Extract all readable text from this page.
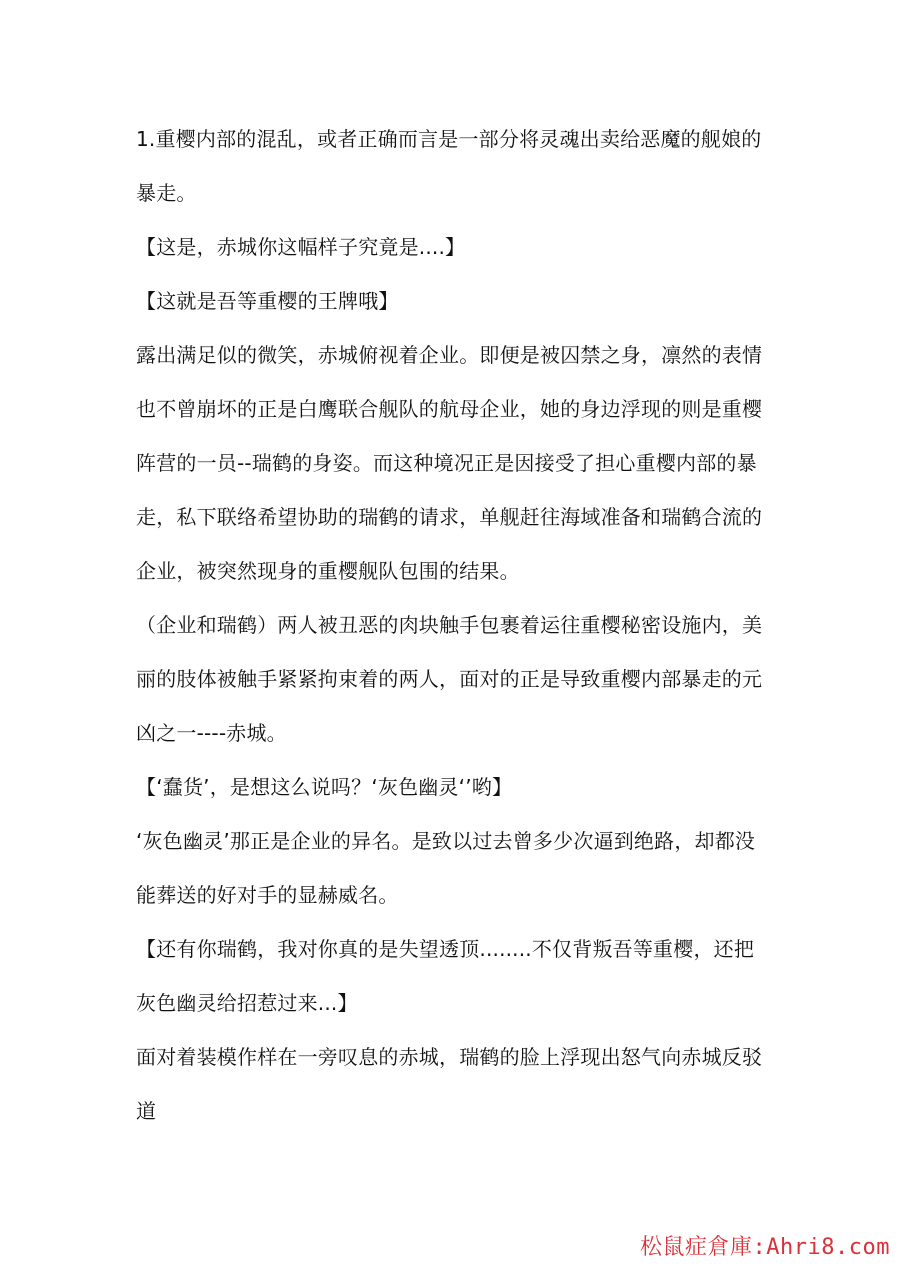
1.重樱内部的混乱，或者正确而言是一部分将灵魂出卖给恶魔的舰娘的暴走。

【这是，赤城你这幅样子究竟是....】

【这就是吾等重樱的王牌哦】

露出满足似的微笑，赤城俯视着企业。即便是被囚禁之身，凛然的表情也不曾崩坏的正是白鹰联合舰队的航母企业，她的身边浮现的则是重樱阵营的一员--瑞鹤的身姿。而这种境况正是因接受了担心重樱内部的暴走，私下联络希望协助的瑞鹤的请求，单舰赶往海域准备和瑞鹤合流的企业，被突然现身的重樱舰队包围的结果。

（企业和瑞鹤）两人被丑恶的肉块触手包裹着运往重樱秘密设施内，美丽的肢体被触手紧紧拘束着的两人，面对的正是导致重樱内部暴走的元凶之一----赤城。

【‘蠢货’，是想这么说吗？‘灰色幽灵‘’哟】

‘灰色幽灵’那正是企业的异名。是致以过去曾多少次逼到绝路，却都没能葬送的好对手的显赫威名。

【还有你瑞鹤，我对你真的是失望透顶........不仅背叛吾等重樱，还把灰色幽灵给招惹过来...】

面对着装模作样在一旁叹息的赤城，瑞鹤的脸上浮现出怒气向赤城反驳道

松鼠症倉庫:Ahri8.com
